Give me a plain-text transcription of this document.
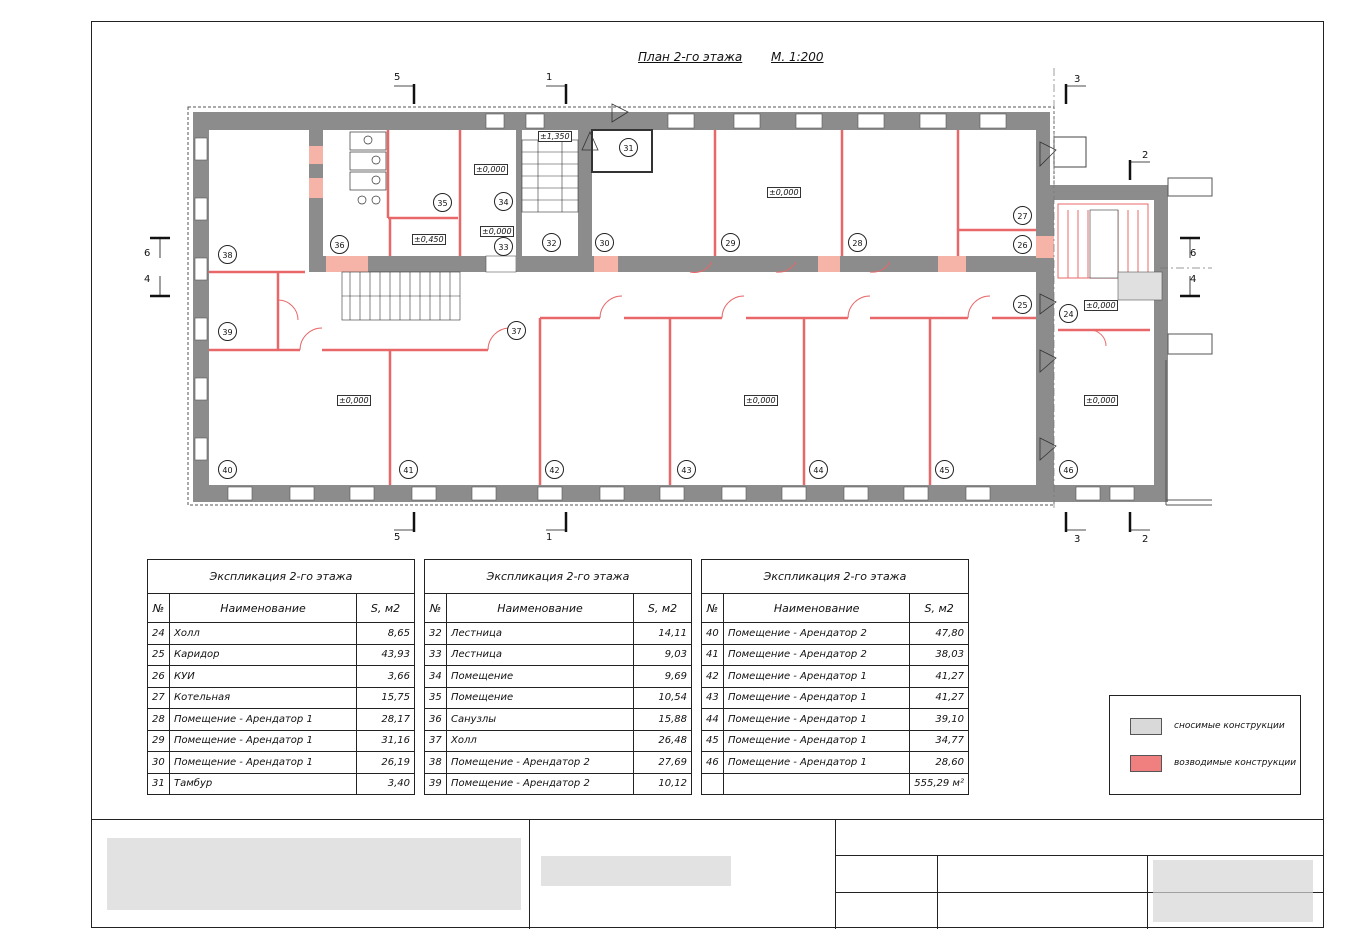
План 2-го этажа М. 1:200
5	1	3
2
6
4
5	1	3	2
6
4
±0,000
±1,350
±0,450
±0,000
±0,000
±0,000
±0,000	±0,000	±0,000
24
25
26
27
28
29
30
31
32
33
34
35
36
37
38
39
40	41	42	43	44	45	46
Экспликация 2-го этажа		
№	Наименование	S, м2
24	Холл	8,65
25	Каридор	43,93
26	КУИ	3,66
27	Котельная	15,75
28	Помещение - Арендатор 1	28,17
29	Помещение - Арендатор 1	31,16
30	Помещение - Арендатор 1	26,19
31	Тамбур	3,40
Экспликация 2-го этажа		
№	Наименование	S, м2
32	Лестница	14,11
33	Лестница	9,03
34	Помещение	9,69
35	Помещение	10,54
36	Санузлы	15,88
37	Холл	26,48
38	Помещение - Арендатор 2	27,69
39	Помещение - Арендатор 2	10,12
Экспликация 2-го этажа		
№	Наименование	S, м2
40	Помещение - Арендатор 2	47,80
41	Помещение - Арендатор 2	38,03
42	Помещение - Арендатор 1	41,27
43	Помещение - Арендатор 1	41,27
44	Помещение - Арендатор 1	39,10
45	Помещение - Арендатор 1	34,77
46	Помещение - Арендатор 1	28,60
		555,29 м²
сносимые конструкции
возводимые конструкции
